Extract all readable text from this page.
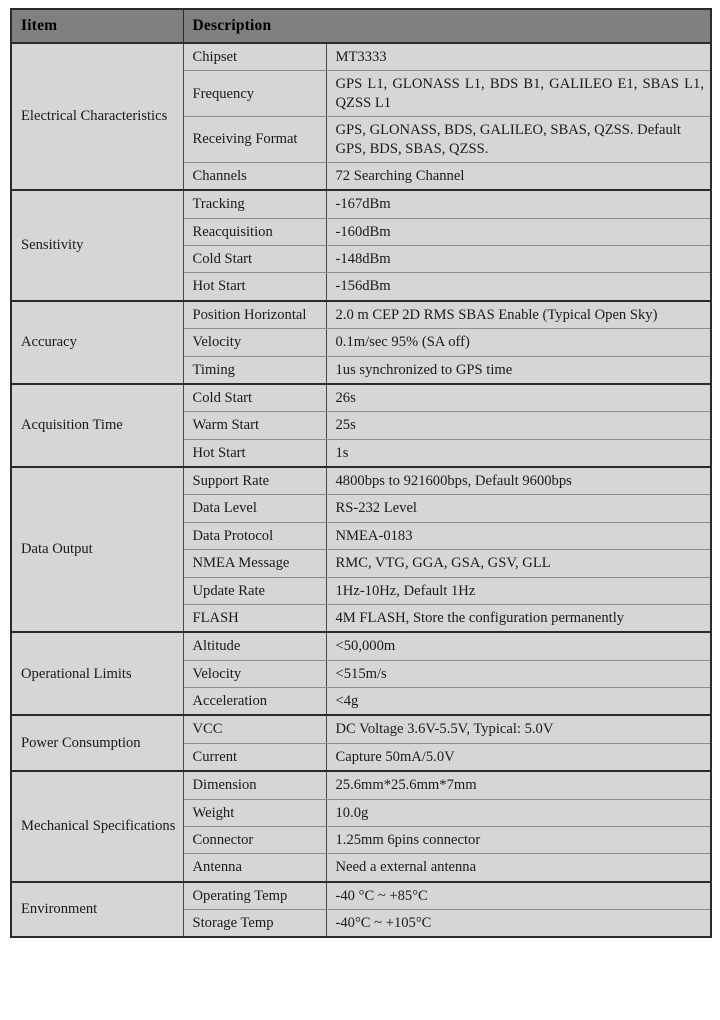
Iitem	Description	
Electrical Characteristics	Chipset	MT3333
	Frequency	GPS L1, GLONASS L1, BDS B1, GALILEO E1, SBAS L1, QZSS L1
	Receiving Format	GPS, GLONASS, BDS, GALILEO, SBAS, QZSS. Default GPS, BDS, SBAS, QZSS.
	Channels	72 Searching Channel
Sensitivity	Tracking	-167dBm
	Reacquisition	-160dBm
	Cold Start	-148dBm
	Hot Start	-156dBm
Accuracy	Position Horizontal	2.0 m CEP 2D RMS SBAS Enable (Typical Open Sky)
	Velocity	0.1m/sec 95% (SA off)
	Timing	1us synchronized to GPS time
Acquisition Time	Cold Start	26s
	Warm Start	25s
	Hot Start	1s
Data Output	Support Rate	4800bps to 921600bps, Default 9600bps
	Data Level	RS-232 Level
	Data Protocol	NMEA-0183
	NMEA Message	RMC, VTG, GGA, GSA, GSV, GLL
	Update Rate	1Hz-10Hz, Default 1Hz
	FLASH	4M FLASH, Store the configuration permanently
Operational Limits	Altitude	<50,000m
	Velocity	<515m/s
	Acceleration	<4g
Power Consumption	VCC	DC Voltage 3.6V-5.5V, Typical: 5.0V
	Current	Capture 50mA/5.0V
Mechanical Specifications	Dimension	25.6mm*25.6mm*7mm
	Weight	10.0g
	Connector	1.25mm 6pins connector
	Antenna	Need a external antenna
Environment	Operating Temp	-40 °C ~ +85°C
	Storage Temp	-40°C ~ +105°C
